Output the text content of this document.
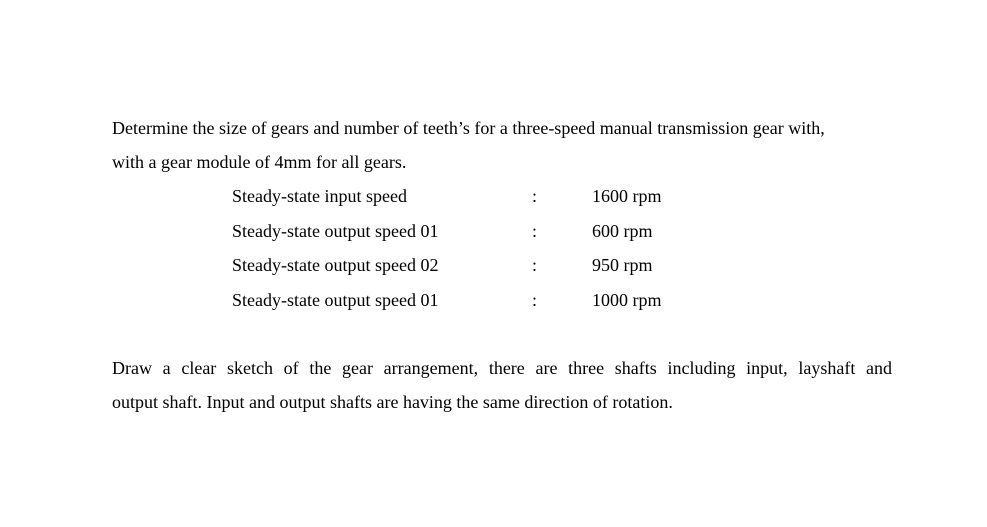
Determine the size of gears and number of teeth’s for a three-speed manual transmission gear with,
with a gear module of 4mm for all gears.

Steady-state input speed	:	1600 rpm
Steady-state output speed 01	:	600 rpm
Steady-state output speed 02	:	950 rpm
Steady-state output speed 01	:	1000 rpm

Draw a clear sketch of the gear arrangement, there are three shafts including input, layshaft and
output shaft. Input and output shafts are having the same direction of rotation.
